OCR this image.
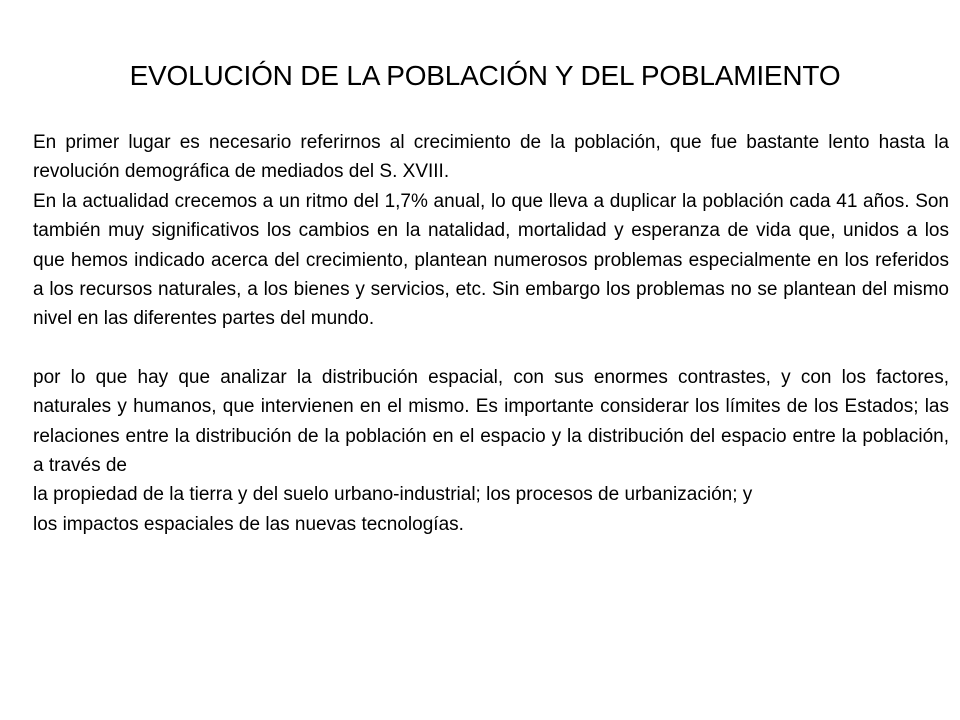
EVOLUCIÓN DE LA POBLACIÓN Y DEL POBLAMIENTO

En primer lugar es necesario referirnos al crecimiento de la población, que fue bastante lento hasta la revolución demográfica de mediados del S. XVIII.

En la actualidad crecemos a un ritmo del 1,7% anual, lo que lleva a duplicar la población cada 41 años. Son también muy significativos los cambios en la natalidad, mortalidad y esperanza de vida que, unidos a los que hemos indicado acerca del crecimiento, plantean numerosos problemas especialmente en los referidos a los recursos naturales, a los bienes y servicios, etc. Sin embargo los problemas no se plantean del mismo nivel en las diferentes partes del mundo.

por lo que hay que analizar la distribución espacial, con sus enormes contrastes, y con los factores, naturales y humanos, que intervienen en el mismo. Es importante considerar los límites de los Estados; las relaciones entre la distribución de la población en el espacio y la distribución del espacio entre la población, a través de

la propiedad de la tierra y del suelo urbano-industrial; los procesos de urbanización; y

los impactos espaciales de las nuevas tecnologías.
